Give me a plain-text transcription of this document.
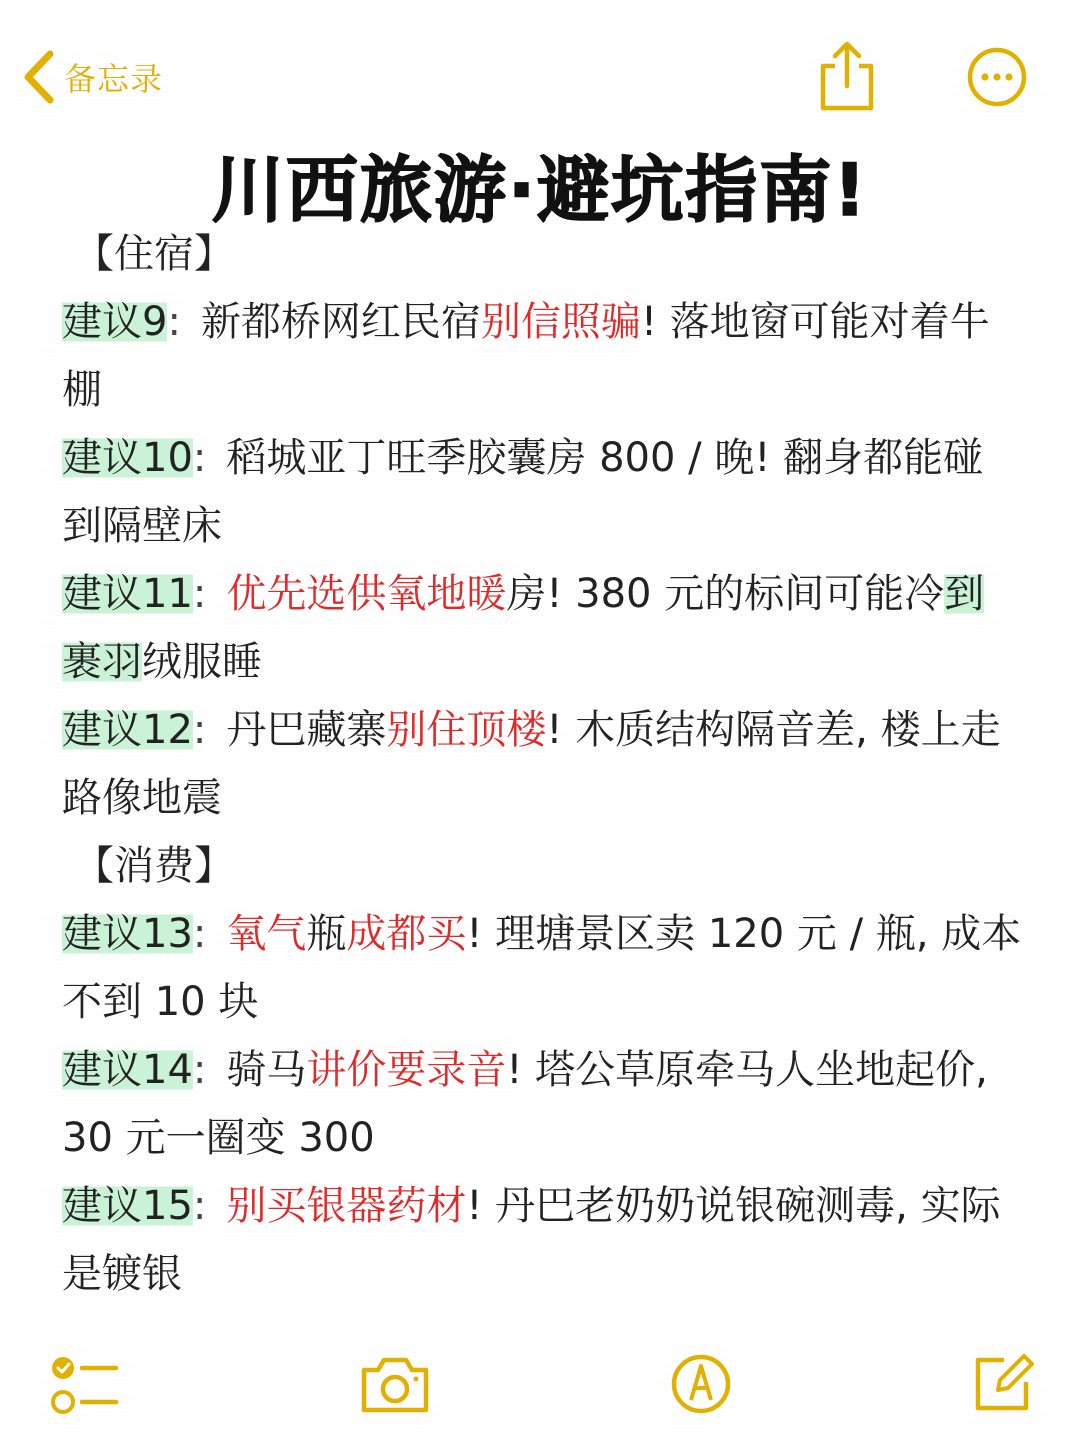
备忘录
川西旅游·避坑指南!
【住宿】
建议9:  新都桥网红民宿别信照骗! 落地窗可能对着牛棚
建议10:  稻城亚丁旺季胶囊房 800 / 晚! 翻身都能碰到隔壁床
建议11:  优先选供氧地暖房! 380 元的标间可能冷到裹羽绒服睡
建议12:  丹巴藏寨别住顶楼! 木质结构隔音差, 楼上走路像地震
【消费】
建议13:  氧气瓶成都买! 理塘景区卖 120 元 / 瓶, 成本不到 10 块
建议14:  骑马讲价要录音! 塔公草原牵马人坐地起价, 30 元一圈变 300
建议15:  别买银器药材! 丹巴老奶奶说银碗测毒, 实际是镀银
